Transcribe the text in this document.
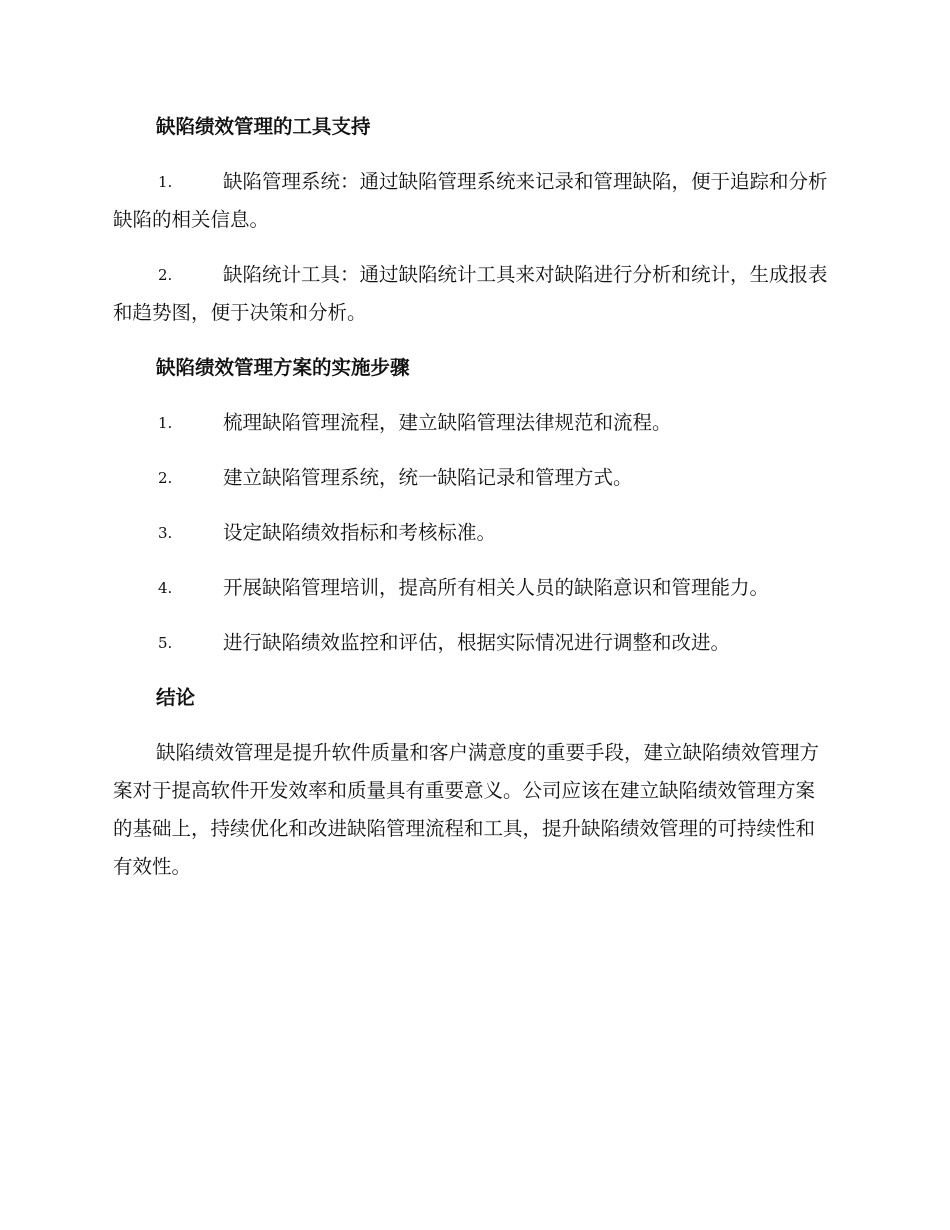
缺陷绩效管理的工具支持
1.	缺陷管理系统：通过缺陷管理系统来记录和管理缺陷，便于追踪和分析缺陷的相关信息。
2.	缺陷统计工具：通过缺陷统计工具来对缺陷进行分析和统计，生成报表和趋势图，便于决策和分析。
缺陷绩效管理方案的实施步骤
1.	梳理缺陷管理流程，建立缺陷管理法律规范和流程。
2.	建立缺陷管理系统，统一缺陷记录和管理方式。
3.	设定缺陷绩效指标和考核标准。
4.	开展缺陷管理培训，提高所有相关人员的缺陷意识和管理能力。
5.	进行缺陷绩效监控和评估，根据实际情况进行调整和改进。
结论

缺陷绩效管理是提升软件质量和客户满意度的重要手段，建立缺陷绩效管理方案对于提高软件开发效率和质量具有重要意义。公司应该在建立缺陷绩效管理方案的基础上，持续优化和改进缺陷管理流程和工具，提升缺陷绩效管理的可持续性和有效性。
